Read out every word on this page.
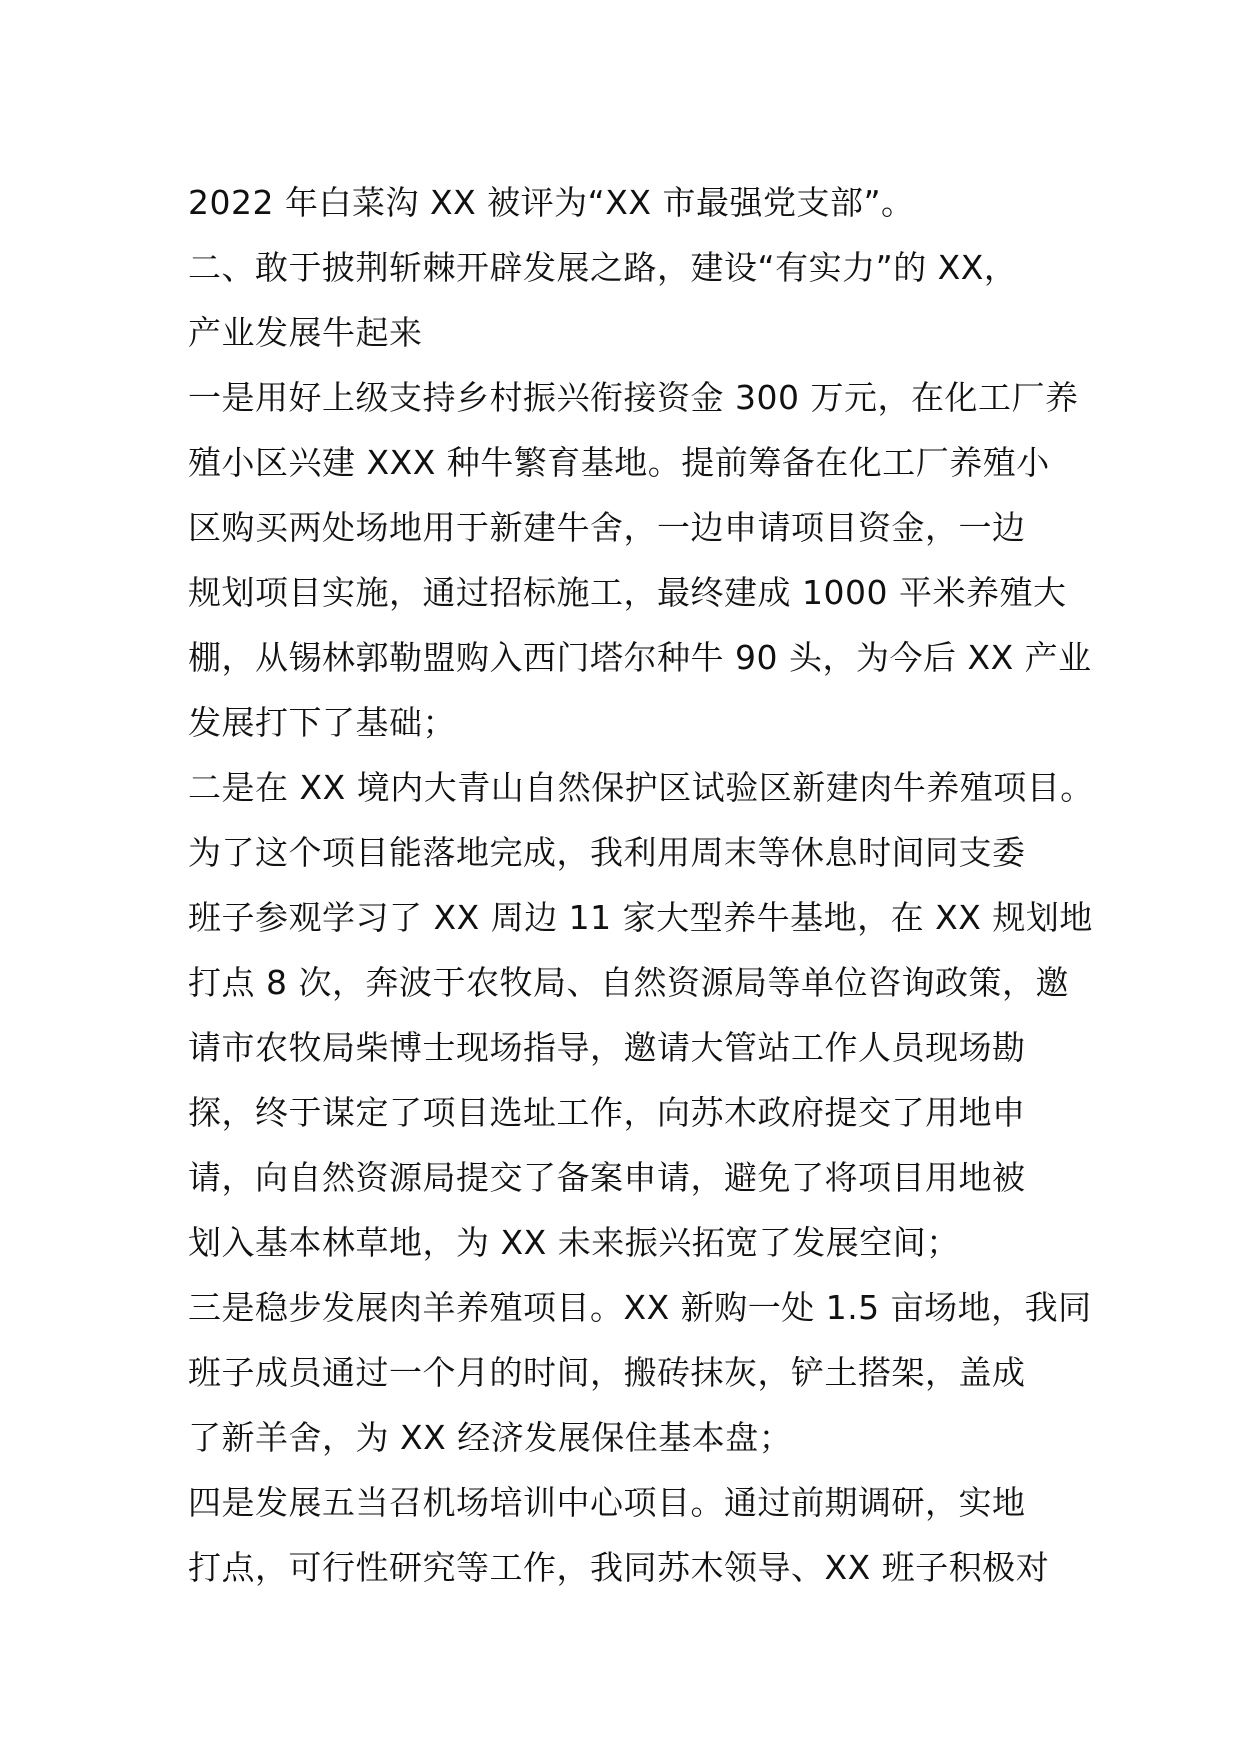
2022 年白菜沟 XX 被评为“XX 市最强党支部”。
二、敢于披荆斩棘开辟发展之路，建设“有实力”的 XX，
产业发展牛起来
一是用好上级支持乡村振兴衔接资金 300 万元，在化工厂养
殖小区兴建 XXX 种牛繁育基地。提前筹备在化工厂养殖小
区购买两处场地用于新建牛舍，一边申请项目资金，一边
规划项目实施，通过招标施工，最终建成 1000 平米养殖大
棚，从锡林郭勒盟购入西门塔尔种牛 90 头，为今后 XX 产业
发展打下了基础；
二是在 XX 境内大青山自然保护区试验区新建肉牛养殖项目。
为了这个项目能落地完成，我利用周末等休息时间同支委
班子参观学习了 XX 周边 11 家大型养牛基地，在 XX 规划地
打点 8 次，奔波于农牧局、自然资源局等单位咨询政策，邀
请市农牧局柴博士现场指导，邀请大管站工作人员现场勘
探，终于谋定了项目选址工作，向苏木政府提交了用地申
请，向自然资源局提交了备案申请，避免了将项目用地被
划入基本林草地，为 XX 未来振兴拓宽了发展空间；
三是稳步发展肉羊养殖项目。XX 新购一处 1.5 亩场地，我同
班子成员通过一个月的时间，搬砖抹灰，铲土搭架，盖成
了新羊舍，为 XX 经济发展保住基本盘；
四是发展五当召机场培训中心项目。通过前期调研，实地
打点，可行性研究等工作，我同苏木领导、XX 班子积极对
